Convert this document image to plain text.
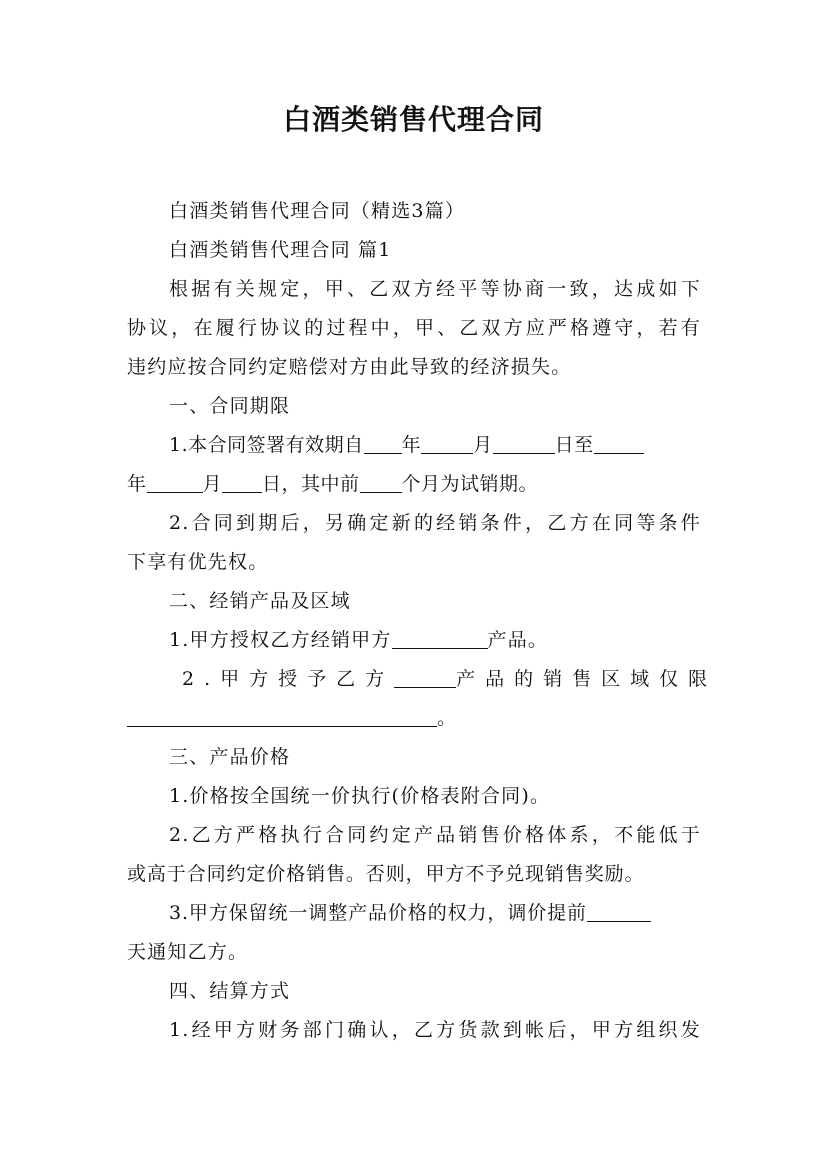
白酒类销售代理合同
白酒类销售代理合同（精选3篇）
白酒类销售代理合同 篇1
根据有关规定，甲、乙双方经平等协商一致，达成如下
协议，在履行协议的过程中，甲、乙双方应严格遵守，若有
违约应按合同约定赔偿对方由此导致的经济损失。
一、合同期限
1.本合同签署有效期自 年	月	日至
年	月 日，其中前 个月为试销期。
2.合同到期后，另确定新的经销条件，乙方在同等条件
下享有优先权。
二、经销产品及区域
1.甲方授权乙方经销甲方	产品。
2.甲方授予乙方	产品的销售区域仅限
。
三、产品价格
1.价格按全国统一价执行(价格表附合同)。
2.乙方严格执行合同约定产品销售价格体系，不能低于
或高于合同约定价格销售。否则，甲方不予兑现销售奖励。
3.甲方保留统一调整产品价格的权力，调价提前
天通知乙方。
四、结算方式
1.经甲方财务部门确认，乙方货款到帐后，甲方组织发
